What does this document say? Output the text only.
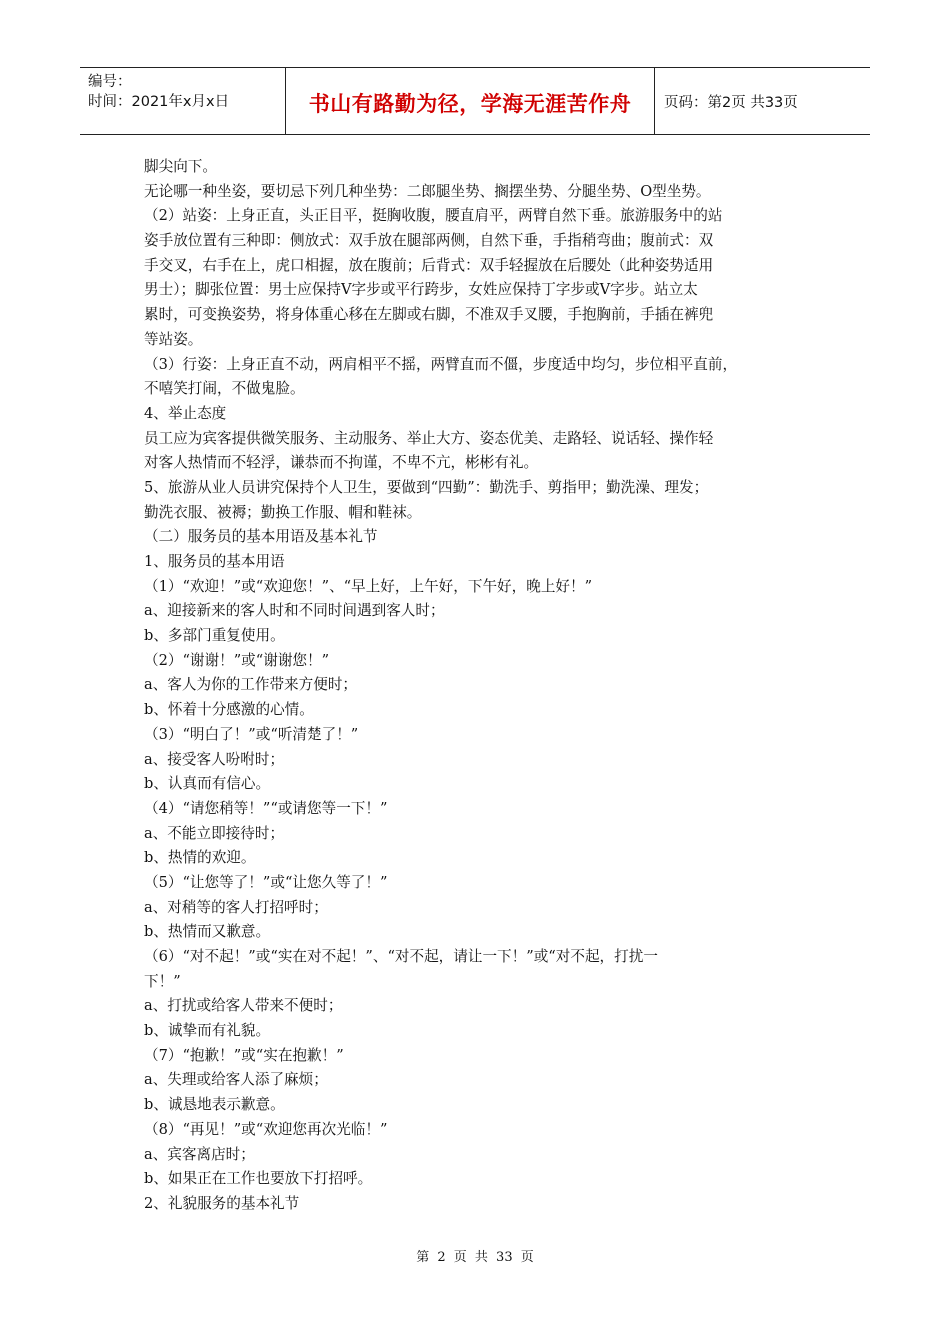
编号：
时间：2021年x月x日	书山有路勤为径，学海无涯苦作舟 页码：第2页 共33页
脚尖向下。
无论哪一种坐姿，要切忌下列几种坐势：二郎腿坐势、搁摆坐势、分腿坐势、O型坐势。
（2）站姿：上身正直，头正目平，挺胸收腹，腰直肩平，两臂自然下垂。旅游服务中的站
姿手放位置有三种即：侧放式：双手放在腿部两侧，自然下垂，手指稍弯曲；腹前式：双
手交叉，右手在上，虎口相握，放在腹前；后背式：双手轻握放在后腰处（此种姿势适用
男士）；脚张位置：男士应保持V字步或平行跨步，女姓应保持丁字步或V字步。站立太
累时，可变换姿势，将身体重心移在左脚或右脚，不准双手叉腰，手抱胸前，手插在裤兜
等站姿。
（3）行姿：上身正直不动，两肩相平不摇，两臂直而不僵，步度适中均匀，步位相平直前，
不嘻笑打闹，不做鬼脸。
4、举止态度
员工应为宾客提供微笑服务、主动服务、举止大方、姿态优美、走路轻、说话轻、操作轻
对客人热情而不轻浮，谦恭而不拘谨，不卑不亢，彬彬有礼。
5、旅游从业人员讲究保持个人卫生，要做到“四勤”：勤洗手、剪指甲；勤洗澡、理发；
勤洗衣服、被褥；勤换工作服、帽和鞋袜。
（二）服务员的基本用语及基本礼节
1、服务员的基本用语
（1）“欢迎！”或“欢迎您！”、“早上好，上午好，下午好，晚上好！”
a、迎接新来的客人时和不同时间遇到客人时；
b、多部门重复使用。
（2）“谢谢！”或“谢谢您！”
a、客人为你的工作带来方便时；
b、怀着十分感激的心情。
（3）“明白了！”或“听清楚了！”
a、接受客人吩咐时；
b、认真而有信心。
（4）“请您稍等！”“或请您等一下！”
a、不能立即接待时；
b、热情的欢迎。
（5）“让您等了！”或“让您久等了！”
a、对稍等的客人打招呼时；
b、热情而又歉意。
（6）“对不起！”或“实在对不起！”、“对不起，请让一下！”或“对不起，打扰一
下！”
a、打扰或给客人带来不便时；
b、诚挚而有礼貌。
（7）“抱歉！”或“实在抱歉！”
a、失理或给客人添了麻烦；
b、诚恳地表示歉意。
（8）“再见！”或“欢迎您再次光临！”
a、宾客离店时；
b、如果正在工作也要放下打招呼。
2、礼貌服务的基本礼节
第 2 页 共 33 页
